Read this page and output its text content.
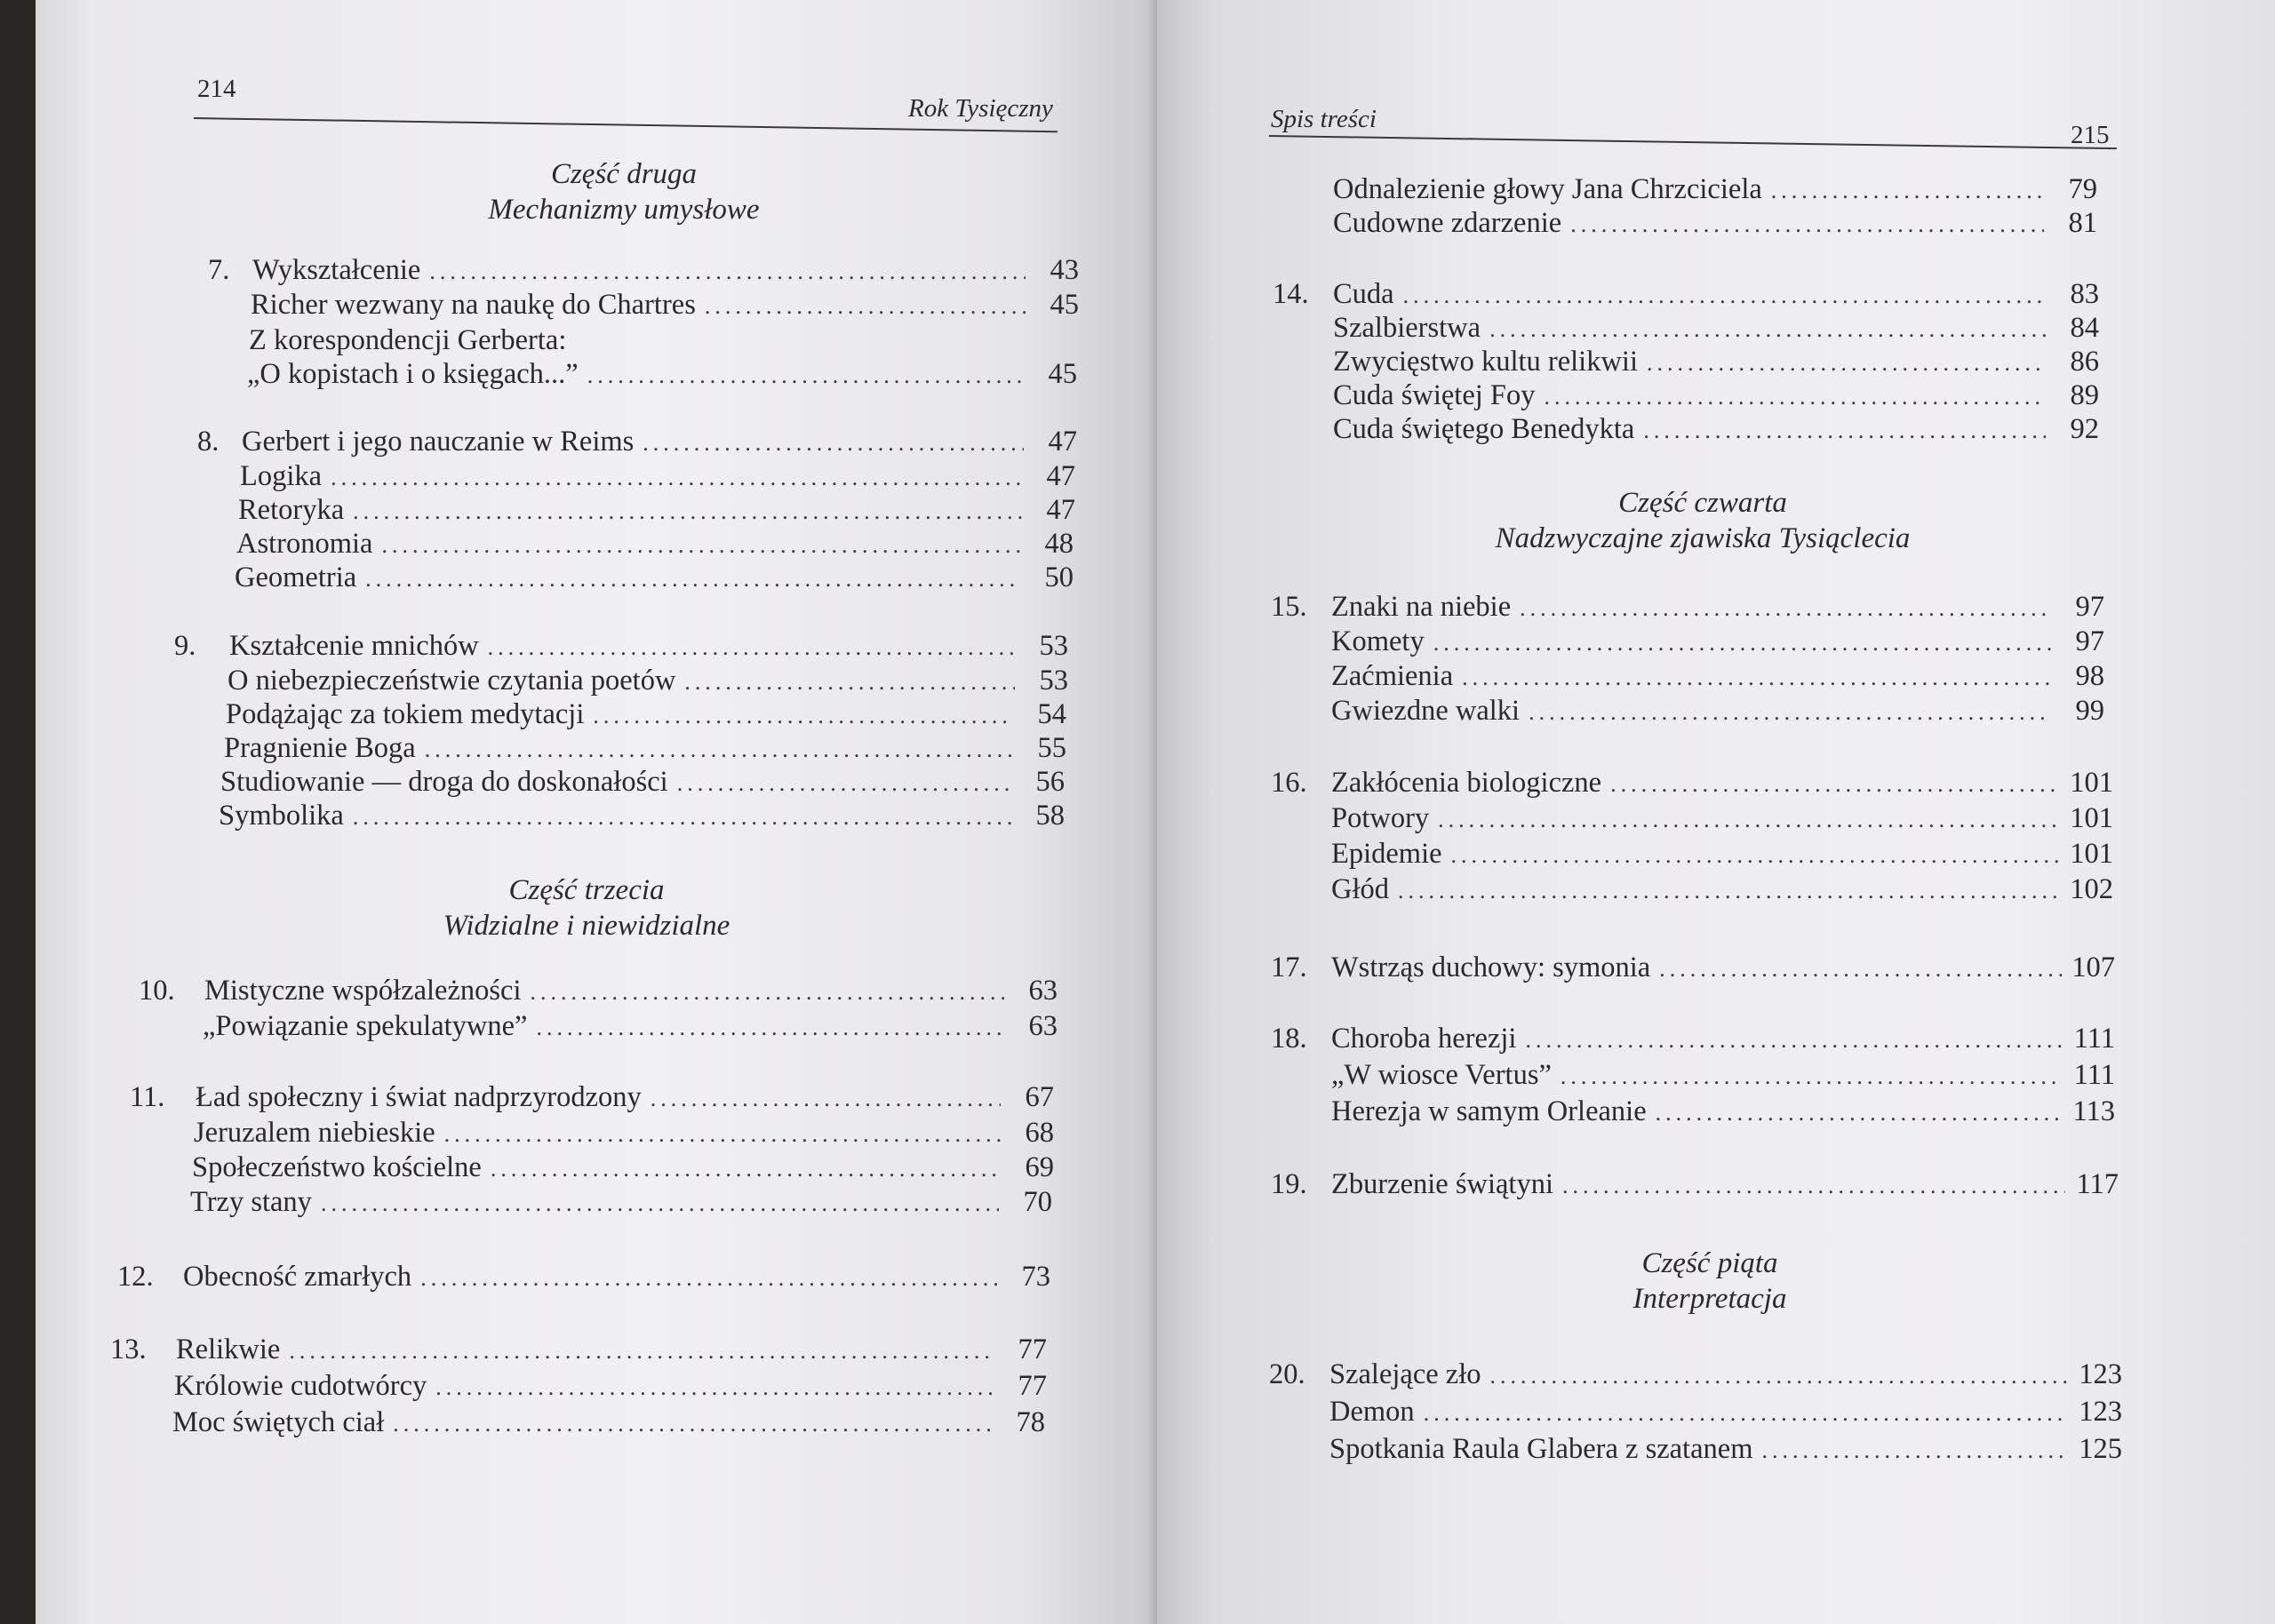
214
Rok Tysięczny
Część druga
Mechanizmy umysłowe
Część trzecia
Widzialne i niewidzialne
7. Wykształcenie .....	43
Richer wezwany na naukę do Chartres .....	45
Z korespondencji Gerberta:
„O kopistach i o księgach...” .....	45
8. Gerbert i jego nauczanie w Reims .....	47
Logika .....	47
Retoryka .....	47
Astronomia .....	48
Geometria .....	50
9. Kształcenie mnichów .....	53
O niebezpieczeństwie czytania poetów .....	53
Podążając za tokiem medytacji .....	54
Pragnienie Boga .....	55
Studiowanie — droga do doskonałości .....	56
Symbolika .....	58
10. Mistyczne współzależności .....	63
„Powiązanie spekulatywne” .....	63
11. Ład społeczny i świat nadprzyrodzony .....	67
Jeruzalem niebieskie .....	68
Społeczeństwo kościelne .....	69
Trzy stany .....	70
12. Obecność zmarłych .....	73
13. Relikwie .....	77
Królowie cudotwórcy .....	77
Moc świętych ciał .....	78
Spis treści
215
Część czwarta
Nadzwyczajne zjawiska Tysiąclecia
Część piąta
Interpretacja
Odnalezienie głowy Jana Chrzciciela .....	79
Cudowne zdarzenie .....	81
14. Cuda .....	83
Szalbierstwa .....	84
Zwycięstwo kultu relikwii .....	86
Cuda świętej Foy .....	89
Cuda świętego Benedykta .....	92
15. Znaki na niebie .....	97
Komety .....	97
Zaćmienia .....	98
Gwiezdne walki .....	99
16. Zakłócenia biologiczne .....	101
Potwory .....	101
Epidemie .....	101
Głód .....	102
17. Wstrząs duchowy: symonia .....	107
18. Choroba herezji .....	111
„W wiosce Vertus” .....	111
Herezja w samym Orleanie .....	113
19. Zburzenie świątyni .....	117
20. Szalejące zło .....	123
Demon .....	123
Spotkania Raula Glabera z szatanem .....	125
